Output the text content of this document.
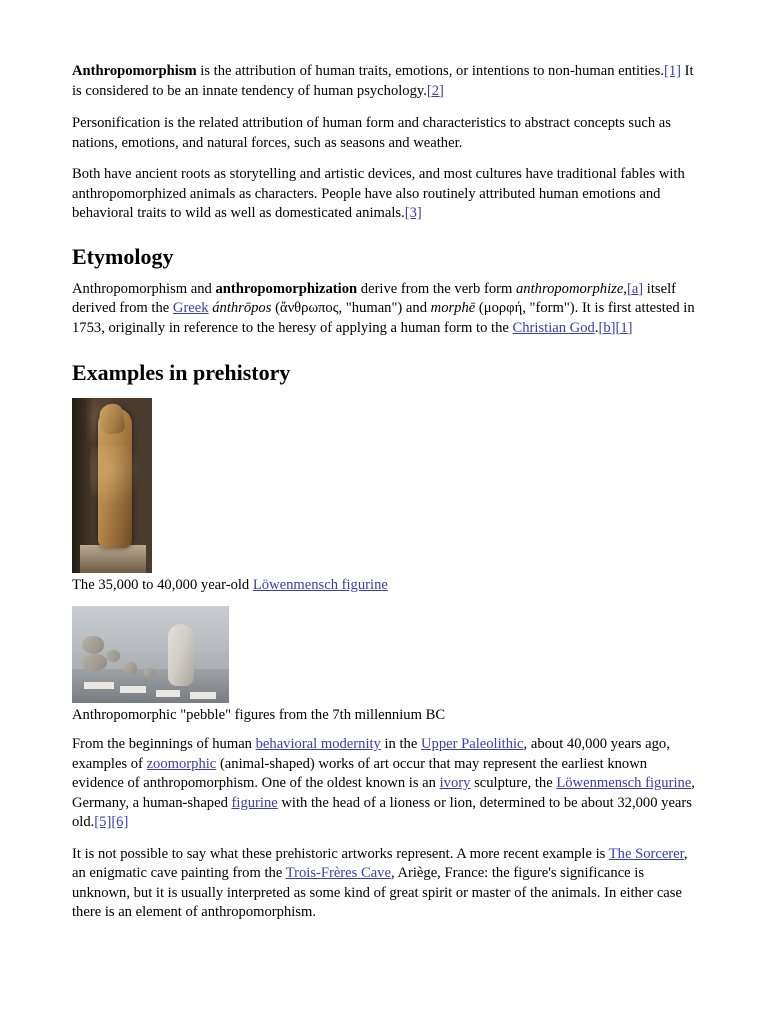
Anthropomorphism is the attribution of human traits, emotions, or intentions to non-human entities.[1] It is considered to be an innate tendency of human psychology.[2]

Personification is the related attribution of human form and characteristics to abstract concepts such as nations, emotions, and natural forces, such as seasons and weather.

Both have ancient roots as storytelling and artistic devices, and most cultures have traditional fables with anthropomorphized animals as characters. People have also routinely attributed human emotions and behavioral traits to wild as well as domesticated animals.[3]

Etymology

Anthropomorphism and anthropomorphization derive from the verb form anthropomorphize,[a] itself derived from the Greek ánthrōpos (ἄνθρωπος, "human") and morphē (μορφή, "form"). It is first attested in 1753, originally in reference to the heresy of applying a human form to the Christian God.[b][1]

Examples in prehistory
The 35,000 to 40,000 year-old Löwenmensch figurine
Anthropomorphic "pebble" figures from the 7th millennium BC

From the beginnings of human behavioral modernity in the Upper Paleolithic, about 40,000 years ago, examples of zoomorphic (animal-shaped) works of art occur that may represent the earliest known evidence of anthropomorphism. One of the oldest known is an ivory sculpture, the Löwenmensch figurine, Germany, a human-shaped figurine with the head of a lioness or lion, determined to be about 32,000 years old.[5][6]

It is not possible to say what these prehistoric artworks represent. A more recent example is The Sorcerer, an enigmatic cave painting from the Trois-Frères Cave, Ariège, France: the figure's significance is unknown, but it is usually interpreted as some kind of great spirit or master of the animals. In either case there is an element of anthropomorphism.
